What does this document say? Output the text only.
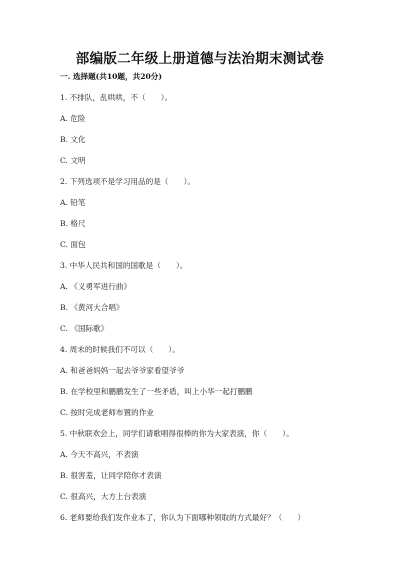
部编版二年级上册道德与法治期末测试卷
一. 选择题(共10题，共20分)
1. 不排队，乱哄哄，不（　　）。
A. 危险
B. 文化
C. 文明
2. 下列选项不是学习用品的是（　　）。
A. 铅笔
B. 格尺
C. 面包
3. 中华人民共和国的国歌是（　　）。
A. 《义勇军进行曲》
B. 《黄河大合唱》
C. 《国际歌》
4. 周末的时候我们不可以（　　）。
A. 和爸爸妈妈一起去爷爷家看望爷爷
B. 在学校里和鹏鹏发生了一些矛盾，叫上小华一起打鹏鹏
C. 按时完成老师布置的作业
5. 中秋联欢会上，同学们请歌唱得很棒的你为大家表演，你（　　）。
A. 今天不高兴，不表演
B. 很害羞，让同学陪你才表演
C. 很高兴，大方上台表演
6. 老师要给我们发作业本了，你认为下面哪种领取的方式最好？（　　）
